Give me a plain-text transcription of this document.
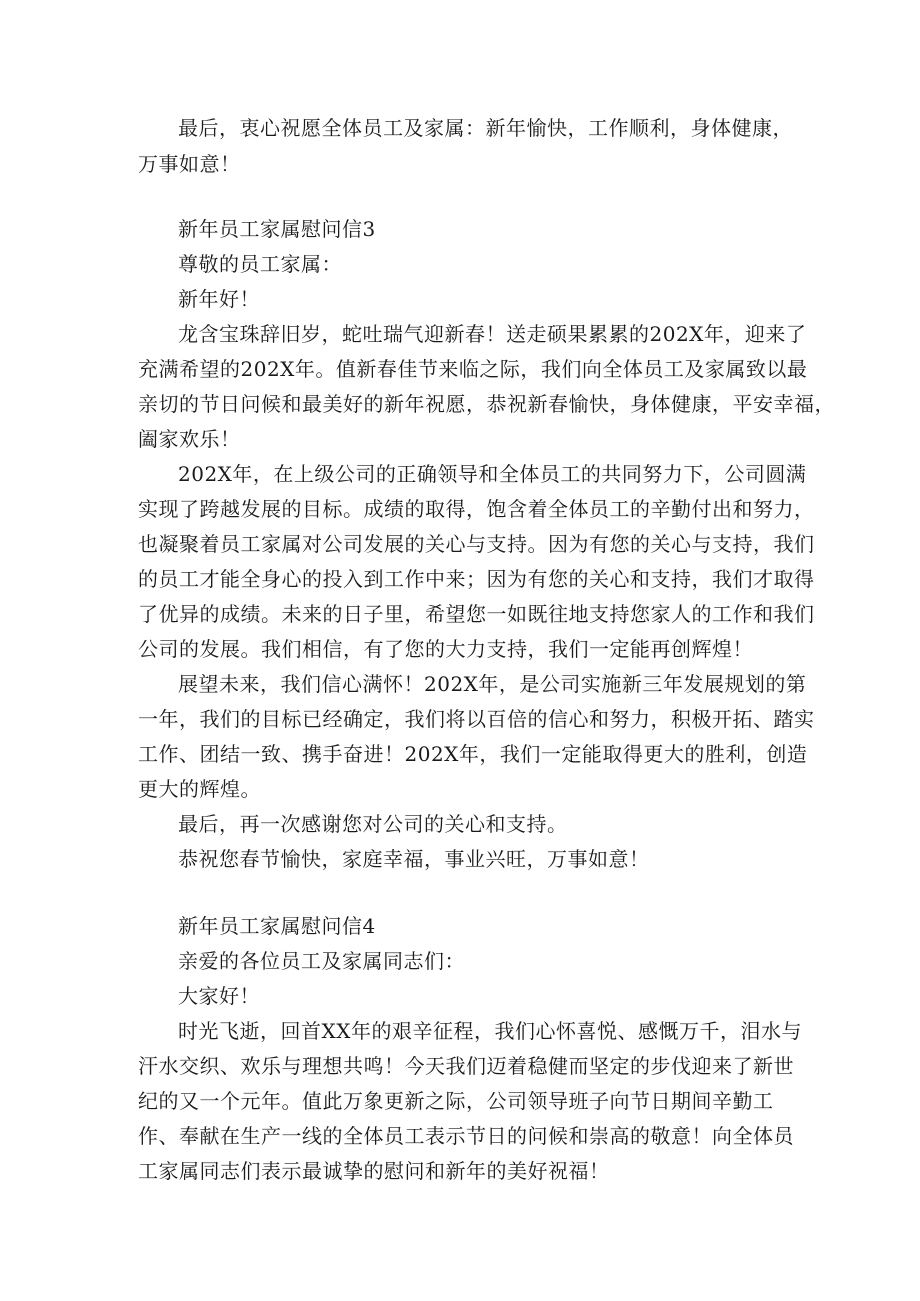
最后，衷心祝愿全体员工及家属：新年愉快，工作顺利，身体健康，
万事如意！
新年员工家属慰问信3
尊敬的员工家属：
新年好！
龙含宝珠辞旧岁，蛇吐瑞气迎新春！送走硕果累累的202X年，迎来了
充满希望的202X年。值新春佳节来临之际，我们向全体员工及家属致以最
亲切的节日问候和最美好的新年祝愿，恭祝新春愉快，身体健康，平安幸福，
阖家欢乐！
202X年，在上级公司的正确领导和全体员工的共同努力下，公司圆满
实现了跨越发展的目标。成绩的取得，饱含着全体员工的辛勤付出和努力，
也凝聚着员工家属对公司发展的关心与支持。因为有您的关心与支持，我们
的员工才能全身心的投入到工作中来；因为有您的关心和支持，我们才取得
了优异的成绩。未来的日子里，希望您一如既往地支持您家人的工作和我们
公司的发展。我们相信，有了您的大力支持，我们一定能再创辉煌！
展望未来，我们信心满怀！202X年，是公司实施新三年发展规划的第
一年，我们的目标已经确定，我们将以百倍的信心和努力，积极开拓、踏实
工作、团结一致、携手奋进！202X年，我们一定能取得更大的胜利，创造
更大的辉煌。
最后，再一次感谢您对公司的关心和支持。
恭祝您春节愉快，家庭幸福，事业兴旺，万事如意！
新年员工家属慰问信4
亲爱的各位员工及家属同志们：
大家好！
时光飞逝，回首XX年的艰辛征程，我们心怀喜悦、感慨万千，泪水与
汗水交织、欢乐与理想共鸣！今天我们迈着稳健而坚定的步伐迎来了新世
纪的又一个元年。值此万象更新之际，公司领导班子向节日期间辛勤工
作、奉献在生产一线的全体员工表示节日的问候和崇高的敬意！向全体员
工家属同志们表示最诚挚的慰问和新年的美好祝福！
